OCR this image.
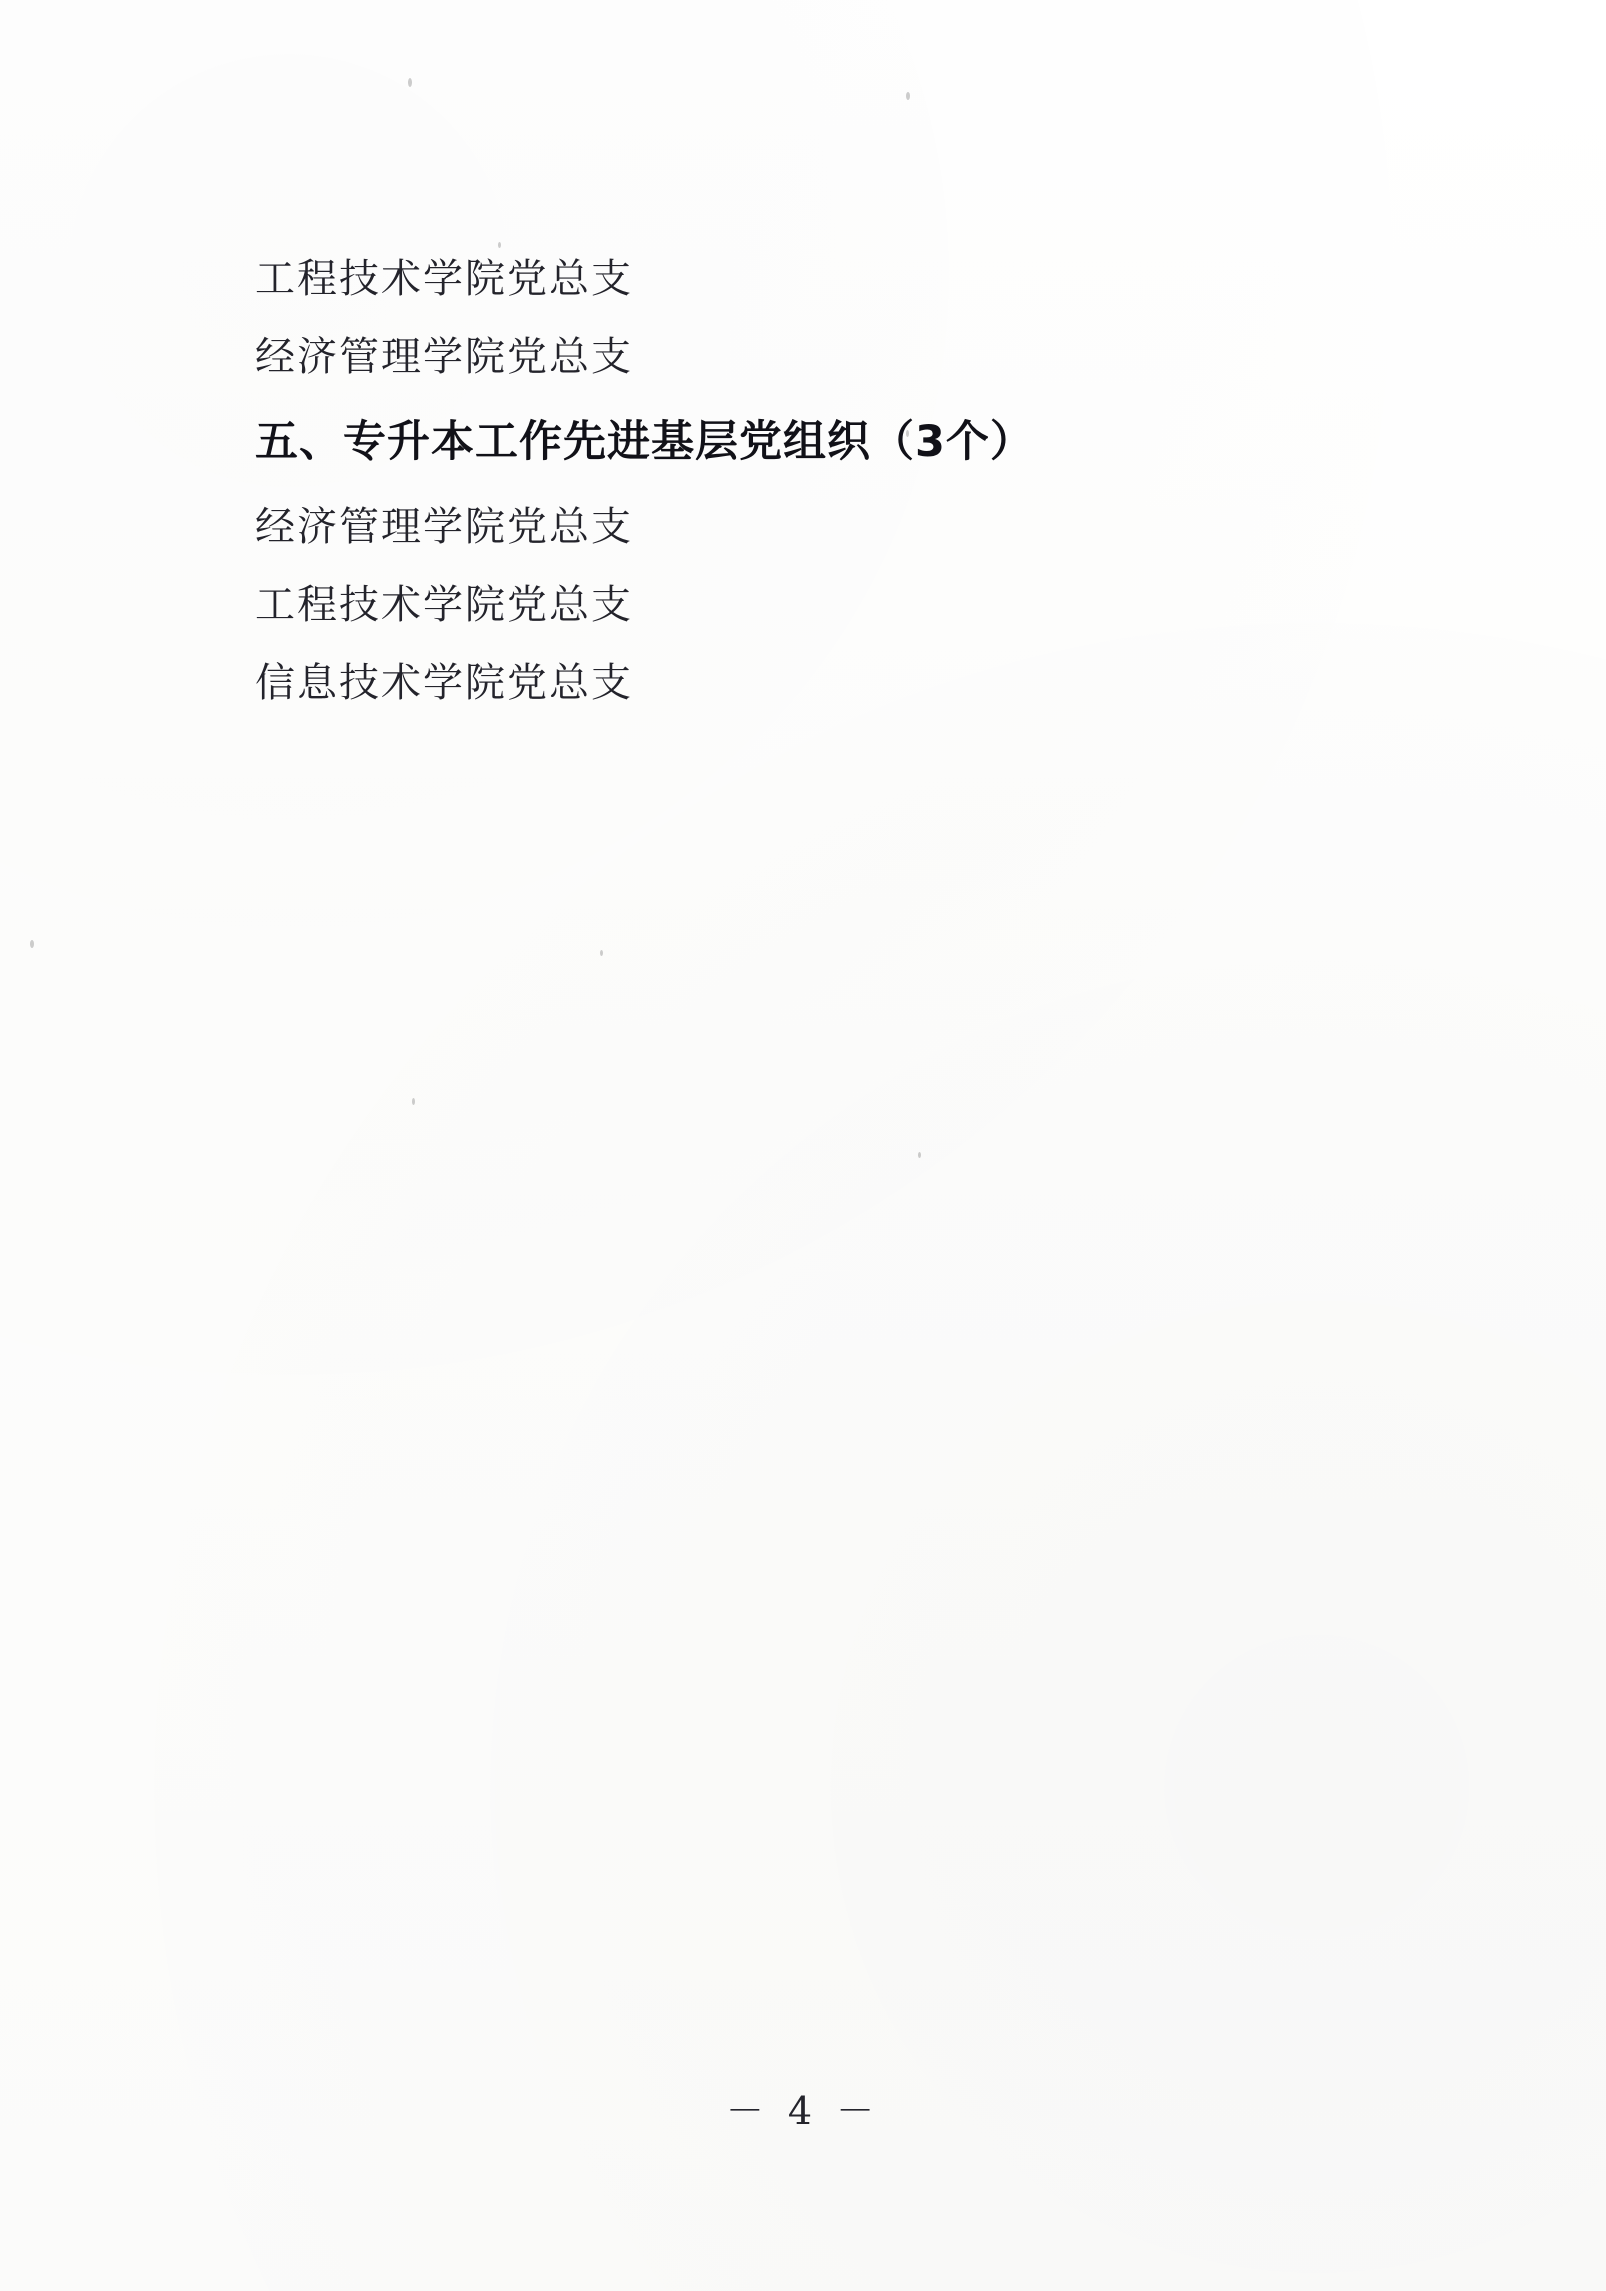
工程技术学院党总支
经济管理学院党总支
五、专升本工作先进基层党组织（3个）
经济管理学院党总支
工程技术学院党总支
信息技术学院党总支
－ 4 －
